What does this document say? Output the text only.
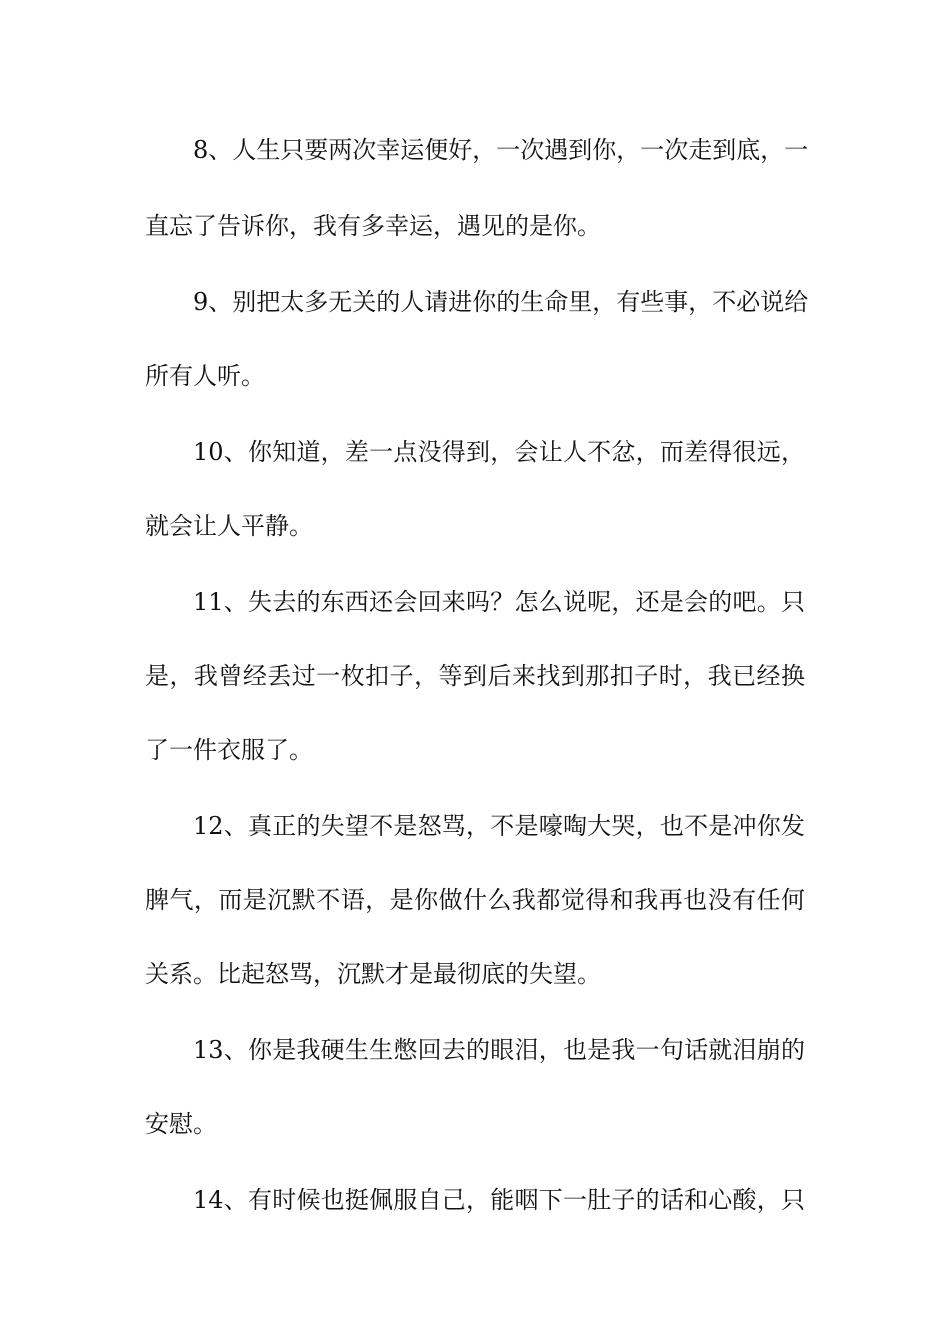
8、人生只要两次幸运便好，一次遇到你，一次走到底，一
直忘了告诉你，我有多幸运，遇见的是你。
9、别把太多无关的人请进你的生命里，有些事，不必说给
所有人听。
10、你知道，差一点没得到，会让人不忿，而差得很远，
就会让人平静。
11、失去的东西还会回来吗？怎么说呢，还是会的吧。只
是，我曾经丢过一枚扣子，等到后来找到那扣子时，我已经换
了一件衣服了。
12、真正的失望不是怒骂，不是嚎啕大哭，也不是冲你发
脾气，而是沉默不语，是你做什么我都觉得和我再也没有任何
关系。比起怒骂，沉默才是最彻底的失望。
13、你是我硬生生憋回去的眼泪，也是我一句话就泪崩的
安慰。
14、有时候也挺佩服自己，能咽下一肚子的话和心酸，只
